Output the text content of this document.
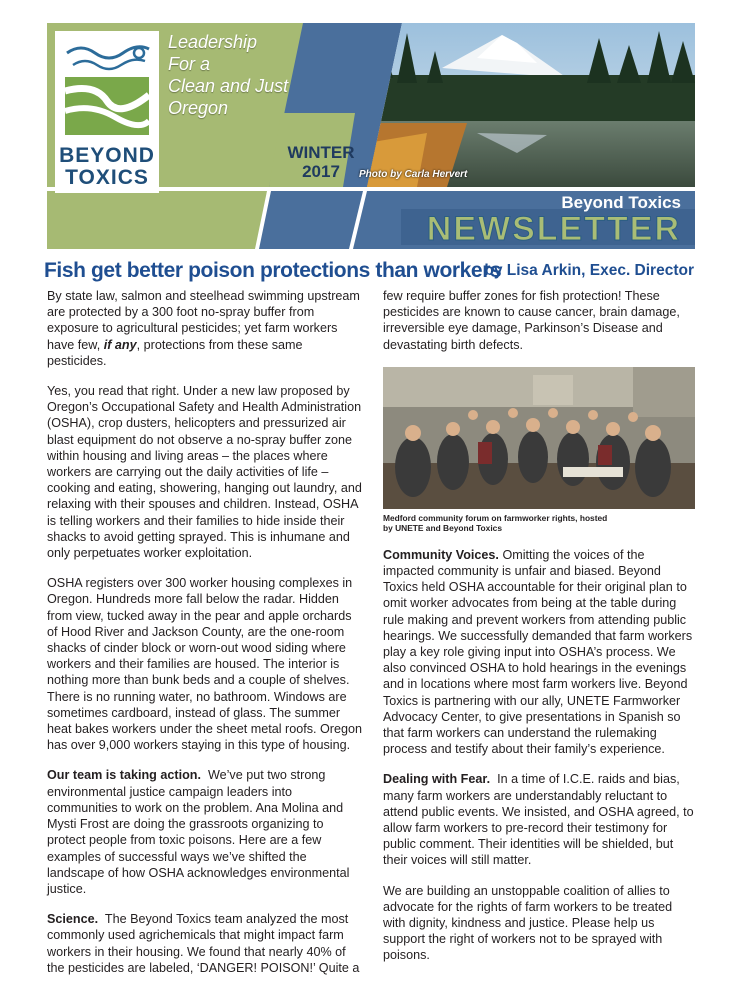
BEYOND
TOXICS
Leadership
For a
Clean and Just
Oregon
WINTER
2017	Photo by Carla Hervert
Beyond Toxics
NEWSLETTER
Fish get better poison protections than workers
by Lisa Arkin, Exec. Director

By state law, salmon and steelhead swimming upstream are protected by a 300 foot no-spray buffer from exposure to agricultural pesticides; yet farm workers have few, if any, protections from these same pesticides.

Yes, you read that right. Under a new law proposed by Oregon’s Occupational Safety and Health Administration (OSHA), crop dusters, helicopters and pressurized air blast equipment do not observe a no-spray buffer zone within housing and living areas – the places where workers are carrying out the daily activities of life – cooking and eating, showering, hanging out laundry, and relaxing with their spouses and children. Instead, OSHA is telling workers and their families to hide inside their shacks to avoid getting sprayed. This is inhumane and only perpetuates worker exploitation.

OSHA registers over 300 worker housing complexes in Oregon. Hundreds more fall below the radar. Hidden from view, tucked away in the pear and apple orchards of Hood River and Jackson County, are the one-room shacks of cinder block or worn-out wood siding where workers and their families are housed. The interior is nothing more than bunk beds and a couple of shelves. There is no running water, no bathroom. Windows are sometimes cardboard, instead of glass. The summer heat bakes workers under the sheet metal roofs. Oregon has over 9,000 workers staying in this type of housing.

Our team is taking action. We’ve put two strong environmental justice campaign leaders into communities to work on the problem. Ana Molina and Mysti Frost are doing the grassroots organizing to protect people from toxic poisons. Here are a few examples of successful ways we’ve shifted the landscape of how OSHA acknowledges environmental justice.

Science. The Beyond Toxics team analyzed the most commonly used agrichemicals that might impact farm workers in their housing. We found that nearly 40% of the pesticides are labeled, ‘DANGER! POISON!’ Quite a

few require buffer zones for fish protection! These pesticides are known to cause cancer, brain damage, irreversible eye damage, Parkinson’s Disease and devastating birth defects.

Medford community forum on farmworker rights, hosted by UNETE and Beyond Toxics

Community Voices. Omitting the voices of the impacted community is unfair and biased. Beyond Toxics held OSHA accountable for their original plan to omit worker advocates from being at the table during rule making and prevent workers from attending public hearings. We successfully demanded that farm workers play a key role giving input into OSHA’s process. We also convinced OSHA to hold hearings in the evenings and in locations where most farm workers live. Beyond Toxics is partnering with our ally, UNETE Farmworker Advocacy Center, to give presentations in Spanish so that farm workers can understand the rulemaking process and testify about their family’s experience.

Dealing with Fear. In a time of I.C.E. raids and bias, many farm workers are understandably reluctant to attend public events. We insisted, and OSHA agreed, to allow farm workers to pre-record their testimony for public comment. Their identities will be shielded, but their voices will still matter.

We are building an unstoppable coalition of allies to advocate for the rights of farm workers to be treated with dignity, kindness and justice. Please help us support the right of workers not to be sprayed with poisons.
